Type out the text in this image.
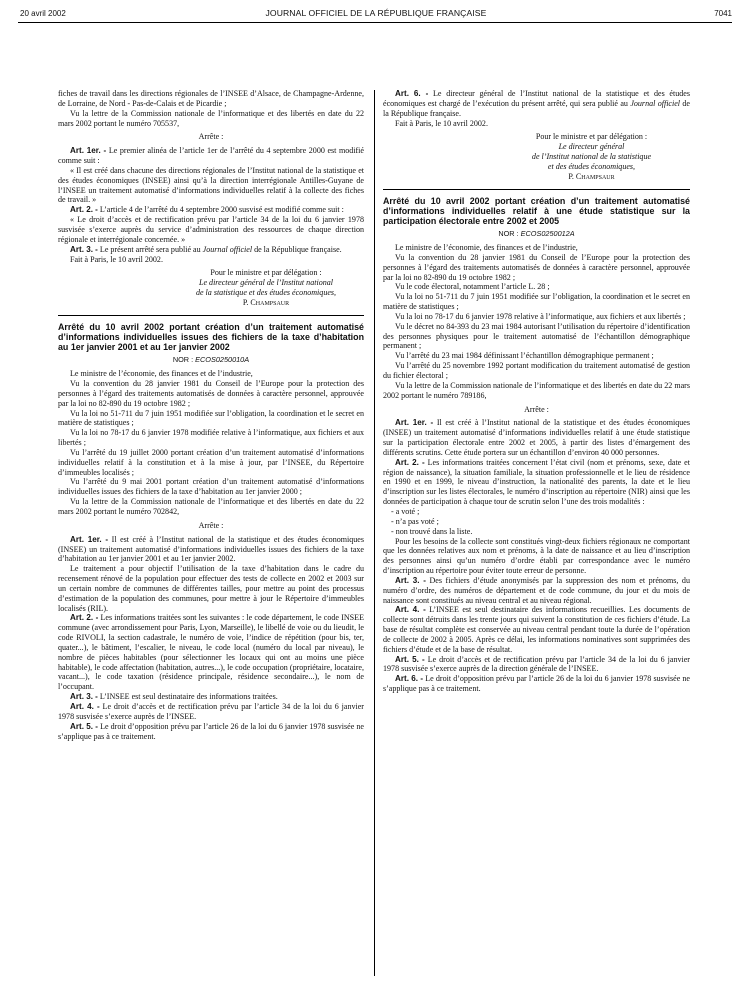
20 avril 2002	JOURNAL OFFICIEL DE LA RÉPUBLIQUE FRANÇAISE	7041

fiches de travail dans les directions régionales de l’INSEE d’Alsace, de Champagne-Ardenne, de Lorraine, de Nord - Pas-de-Calais et de Picardie ;

Vu la lettre de la Commission nationale de l’informatique et des libertés en date du 22 mars 2002 portant le numéro 705537,

Arrête :

Art. 1er. - Le premier alinéa de l’article 1er de l’arrêté du 4 septembre 2000 est modifié comme suit :

« Il est créé dans chacune des directions régionales de l’Institut national de la statistique et des études économiques (INSEE) ainsi qu’à la direction interrégionale Antilles-Guyane de l’INSEE un traitement automatisé d’informations individuelles relatif à la collecte des fiches de travail. »

Art. 2. - L’article 4 de l’arrêté du 4 septembre 2000 susvisé est modifié comme suit :

« Le droit d’accès et de rectification prévu par l’article 34 de la loi du 6 janvier 1978 susvisée s’exerce auprès du service d’administration des ressources de chaque direction régionale et interrégionale concernée. »

Art. 3. - Le présent arrêté sera publié au Journal officiel de la République française.

Fait à Paris, le 10 avril 2002.

Pour le ministre et par délégation :

Le directeur général de l’Institut national

de la statistique et des études économiques,

P. Champsaur

Arrêté du 10 avril 2002 portant création d’un traitement automatisé d’informations individuelles issues des fichiers de la taxe d’habitation au 1er janvier 2001 et au 1er janvier 2002

NOR : ECOS0250010A

Le ministre de l’économie, des finances et de l’industrie,

Vu la convention du 28 janvier 1981 du Conseil de l’Europe pour la protection des personnes à l’égard des traitements automatisés de données à caractère personnel, approuvée par la loi no 82-890 du 19 octobre 1982 ;

Vu la loi no 51-711 du 7 juin 1951 modifiée sur l’obligation, la coordination et le secret en matière de statistiques ;

Vu la loi no 78-17 du 6 janvier 1978 modifiée relative à l’informatique, aux fichiers et aux libertés ;

Vu l’arrêté du 19 juillet 2000 portant création d’un traitement automatisé d’informations individuelles relatif à la constitution et à la mise à jour, par l’INSEE, du Répertoire d’immeubles localisés ;

Vu l’arrêté du 9 mai 2001 portant création d’un traitement automatisé d’informations individuelles issues des fichiers de la taxe d’habitation au 1er janvier 2000 ;

Vu la lettre de la Commission nationale de l’informatique et des libertés en date du 22 mars 2002 portant le numéro 702842,

Arrête :

Art. 1er. - Il est créé à l’Institut national de la statistique et des études économiques (INSEE) un traitement automatisé d’informations individuelles issues des fichiers de la taxe d’habitation au 1er janvier 2001 et au 1er janvier 2002.

Le traitement a pour objectif l’utilisation de la taxe d’habitation dans le cadre du recensement rénové de la population pour effectuer des tests de collecte en 2002 et 2003 sur un certain nombre de communes de différentes tailles, pour mettre au point des processus d’estimation de la population des communes, pour mettre à jour le Répertoire d’immeubles localisés (RIL).

Art. 2. - Les informations traitées sont les suivantes : le code département, le code INSEE commune (avec arrondissement pour Paris, Lyon, Marseille), le libellé de voie ou du lieudit, le code RIVOLI, la section cadastrale, le numéro de voie, l’indice de répétition (pour bis, ter, quater...), le bâtiment, l’escalier, le niveau, le code local (numéro du local par niveau), le nombre de pièces habitables (pour sélectionner les locaux qui ont au moins une pièce habitable), le code affectation (habitation, autres...), le code occupation (propriétaire, locataire, vacant...), le code taxation (résidence principale, résidence secondaire...), le nom de l’occupant.

Art. 3. - L’INSEE est seul destinataire des informations traitées.

Art. 4. - Le droit d’accès et de rectification prévu par l’article 34 de la loi du 6 janvier 1978 susvisée s’exerce auprès de l’INSEE.

Art. 5. - Le droit d’opposition prévu par l’article 26 de la loi du 6 janvier 1978 susvisée ne s’applique pas à ce traitement.

Art. 6. - Le directeur général de l’Institut national de la statistique et des études économiques est chargé de l’exécution du présent arrêté, qui sera publié au Journal officiel de la République française.

Fait à Paris, le 10 avril 2002.

Pour le ministre et par délégation :

Le directeur général

de l’Institut national de la statistique

et des études économiques,

P. Champsaur

Arrêté du 10 avril 2002 portant création d’un traitement automatisé d’informations individuelles relatif à une étude statistique sur la participation électorale entre 2002 et 2005

NOR : ECOS0250012A

Le ministre de l’économie, des finances et de l’industrie,

Vu la convention du 28 janvier 1981 du Conseil de l’Europe pour la protection des personnes à l’égard des traitements automatisés de données à caractère personnel, approuvée par la loi no 82-890 du 19 octobre 1982 ;

Vu le code électoral, notamment l’article L. 28 ;

Vu la loi no 51-711 du 7 juin 1951 modifiée sur l’obligation, la coordination et le secret en matière de statistiques ;

Vu la loi no 78-17 du 6 janvier 1978 relative à l’informatique, aux fichiers et aux libertés ;

Vu le décret no 84-393 du 23 mai 1984 autorisant l’utilisation du répertoire d’identification des personnes physiques pour le traitement automatisé de l’échantillon démographique permanent ;

Vu l’arrêté du 23 mai 1984 définissant l’échantillon démographique permanent ;

Vu l’arrêté du 25 novembre 1992 portant modification du traitement automatisé de gestion du fichier électoral ;

Vu la lettre de la Commission nationale de l’informatique et des libertés en date du 22 mars 2002 portant le numéro 789186,

Arrête :

Art. 1er. - Il est créé à l’Institut national de la statistique et des études économiques (INSEE) un traitement automatisé d’informations individuelles relatif à une étude statistique sur la participation électorale entre 2002 et 2005, à partir des listes d’émargement des différents scrutins. Cette étude portera sur un échantillon d’environ 40 000 personnes.

Art. 2. - Les informations traitées concernent l’état civil (nom et prénoms, sexe, date et région de naissance), la situation familiale, la situation professionnelle et le lieu de résidence en 1990 et en 1999, le niveau d’instruction, la nationalité des parents, la date et le lieu d’inscription sur les listes électorales, le numéro d’inscription au répertoire (NIR) ainsi que les données de participation à chaque tour de scrutin selon l’une des trois modalités :

- a voté ;

- n’a pas voté ;

- non trouvé dans la liste.

Pour les besoins de la collecte sont constitués vingt-deux fichiers régionaux ne comportant que les données relatives aux nom et prénoms, à la date de naissance et au lieu d’inscription des personnes ainsi qu’un numéro d’ordre établi par correspondance avec le numéro d’inscription au répertoire pour éviter toute erreur de personne.

Art. 3. - Des fichiers d’étude anonymisés par la suppression des nom et prénoms, du numéro d’ordre, des numéros de département et de code commune, du jour et du mois de naissance sont constitués au niveau central et au niveau régional.

Art. 4. - L’INSEE est seul destinataire des informations recueillies. Les documents de collecte sont détruits dans les trente jours qui suivent la constitution de ces fichiers d’étude. La base de résultat complète est conservée au niveau central pendant toute la durée de l’opération de collecte de 2002 à 2005. Après ce délai, les informations nominatives sont supprimées des fichiers d’étude et de la base de résultat.

Art. 5. - Le droit d’accès et de rectification prévu par l’article 34 de la loi du 6 janvier 1978 susvisée s’exerce auprès de la direction générale de l’INSEE.

Art. 6. - Le droit d’opposition prévu par l’article 26 de la loi du 6 janvier 1978 susvisée ne s’applique pas à ce traitement.
